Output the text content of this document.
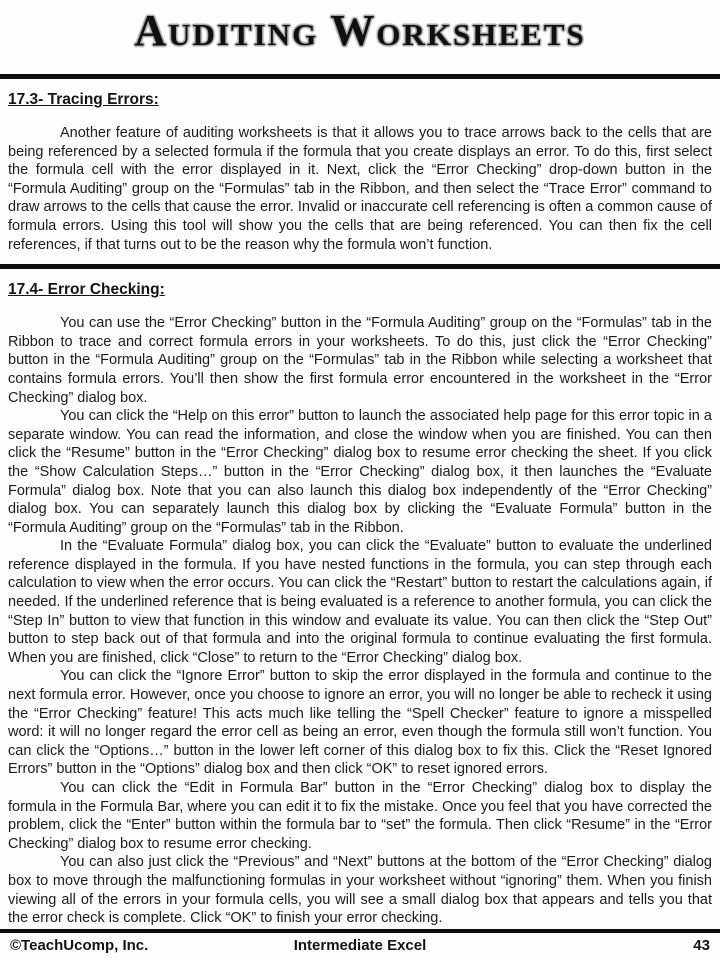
Auditing Worksheets
17.3- Tracing Errors:

Another feature of auditing worksheets is that it allows you to trace arrows back to the cells that are being referenced by a selected formula if the formula that you create displays an error. To do this, first select the formula cell with the error displayed in it. Next, click the “Error Checking” drop-down button in the “Formula Auditing” group on the “Formulas” tab in the Ribbon, and then select the “Trace Error” command to draw arrows to the cells that cause the error. Invalid or inaccurate cell referencing is often a common cause of formula errors. Using this tool will show you the cells that are being referenced. You can then fix the cell references, if that turns out to be the reason why the formula won’t function.

17.4- Error Checking:

You can use the “Error Checking” button in the “Formula Auditing” group on the “Formulas” tab in the Ribbon to trace and correct formula errors in your worksheets. To do this, just click the “Error Checking” button in the “Formula Auditing” group on the “Formulas” tab in the Ribbon while selecting a worksheet that contains formula errors. You’ll then show the first formula error encountered in the worksheet in the “Error Checking” dialog box.

You can click the “Help on this error” button to launch the associated help page for this error topic in a separate window. You can read the information, and close the window when you are finished. You can then click the “Resume” button in the “Error Checking” dialog box to resume error checking the sheet. If you click the “Show Calculation Steps…” button in the “Error Checking” dialog box, it then launches the “Evaluate Formula” dialog box. Note that you can also launch this dialog box independently of the “Error Checking” dialog box. You can separately launch this dialog box by clicking the “Evaluate Formula” button in the “Formula Auditing” group on the “Formulas” tab in the Ribbon.

In the “Evaluate Formula” dialog box, you can click the “Evaluate” button to evaluate the underlined reference displayed in the formula. If you have nested functions in the formula, you can step through each calculation to view when the error occurs. You can click the “Restart” button to restart the calculations again, if needed. If the underlined reference that is being evaluated is a reference to another formula, you can click the “Step In” button to view that function in this window and evaluate its value. You can then click the “Step Out” button to step back out of that formula and into the original formula to continue evaluating the first formula. When you are finished, click “Close” to return to the “Error Checking” dialog box.

You can click the “Ignore Error” button to skip the error displayed in the formula and continue to the next formula error. However, once you choose to ignore an error, you will no longer be able to recheck it using the “Error Checking” feature! This acts much like telling the “Spell Checker” feature to ignore a misspelled word: it will no longer regard the error cell as being an error, even though the formula still won’t function. You can click the “Options…” button in the lower left corner of this dialog box to fix this. Click the “Reset Ignored Errors” button in the “Options” dialog box and then click “OK” to reset ignored errors.

You can click the “Edit in Formula Bar” button in the “Error Checking” dialog box to display the formula in the Formula Bar, where you can edit it to fix the mistake. Once you feel that you have corrected the problem, click the “Enter” button within the formula bar to “set” the formula. Then click “Resume” in the “Error Checking” dialog box to resume error checking.

You can also just click the “Previous” and “Next” buttons at the bottom of the “Error Checking” dialog box to move through the malfunctioning formulas in your worksheet without “ignoring” them. When you finish viewing all of the errors in your formula cells, you will see a small dialog box that appears and tells you that the error check is complete. Click “OK” to finish your error checking.

©TeachUcomp, Inc.	Intermediate Excel	43
